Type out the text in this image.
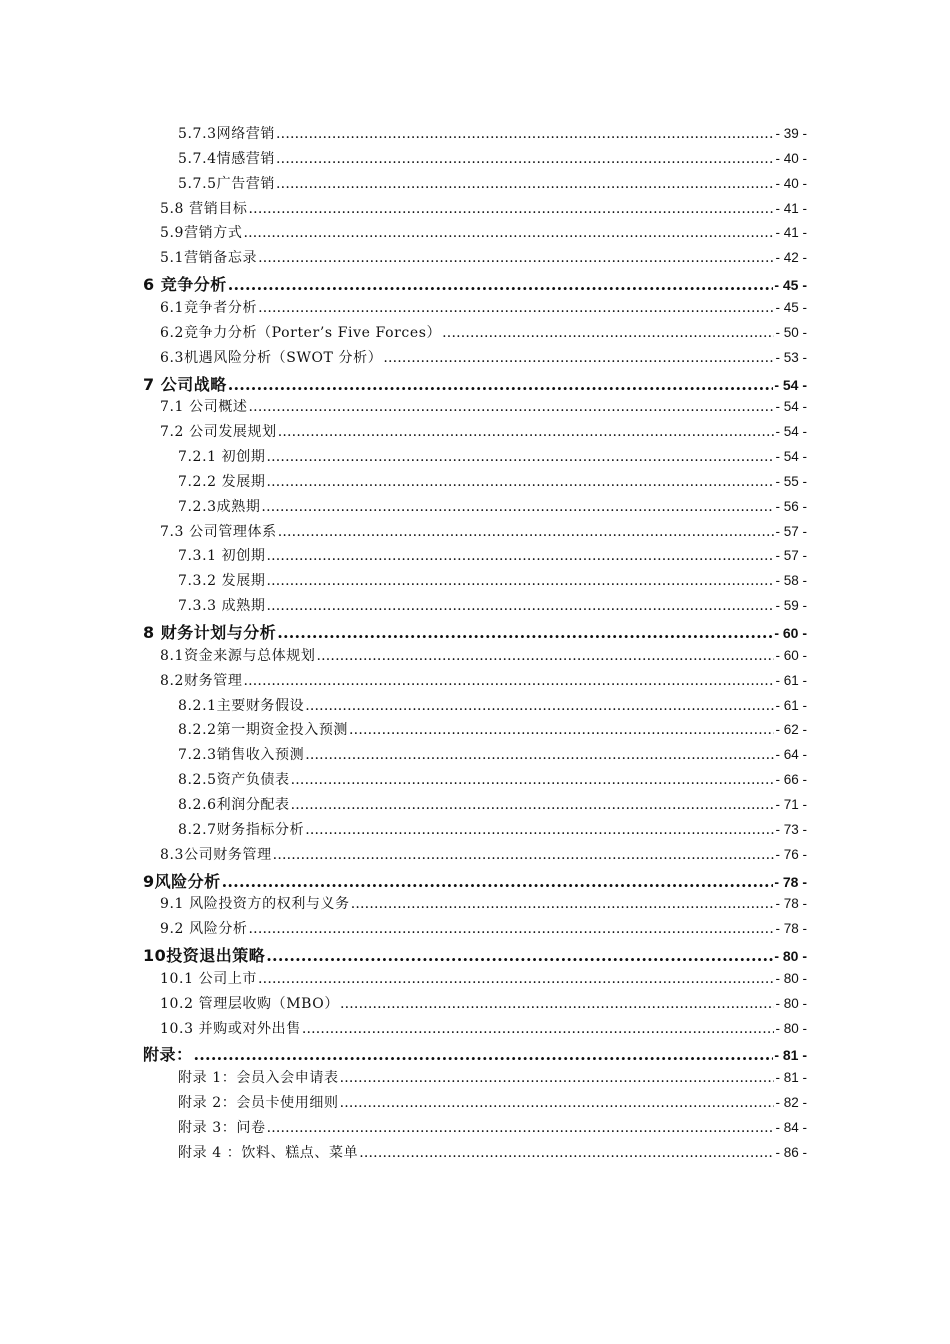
5.7.3网络营销 .....	- 39 -
5.7.4情感营销 .....	- 40 -
5.7.5广告营销 .....	- 40 -
5.8 营销目标 .....	- 41 -
5.9营销方式 .....	- 41 -
5.1营销备忘录 .....	- 42 -
6 竞争分析 .....	- 45 -
6.1竞争者分析 .....	- 45 -
6.2竞争力分析（Porter’s Five Forces） .....	- 50 -
6.3机遇风险分析（SWOT 分析） .....	- 53 -
7 公司战略 .....	- 54 -
7.1 公司概述 .....	- 54 -
7.2 公司发展规划 .....	- 54 -
7.2.1 初创期 .....	- 54 -
7.2.2 发展期 .....	- 55 -
7.2.3成熟期 .....	- 56 -
7.3 公司管理体系 .....	- 57 -
7.3.1 初创期 .....	- 57 -
7.3.2 发展期 .....	- 58 -
7.3.3 成熟期 .....	- 59 -
8 财务计划与分析 .....	- 60 -
8.1资金来源与总体规划 .....	- 60 -
8.2财务管理 .....	- 61 -
8.2.1主要财务假设 .....	- 61 -
8.2.2第一期资金投入预测 .....	- 62 -
7.2.3销售收入预测 .....	- 64 -
8.2.5资产负债表 .....	- 66 -
8.2.6利润分配表 .....	- 71 -
8.2.7财务指标分析 .....	- 73 -
8.3公司财务管理 .....	- 76 -
9风险分析 .....	- 78 -
9.1 风险投资方的权利与义务 .....	- 78 -
9.2 风险分析 .....	- 78 -
10投资退出策略 .....	- 80 -
10.1 公司上市 .....	- 80 -
10.2 管理层收购（MBO） .....	- 80 -
10.3 并购或对外出售 .....	- 80 -
附录： .....	- 81 -
附录 1：会员入会申请表 .....	- 81 -
附录 2：会员卡使用细则 .....	- 82 -
附录 3：问卷 .....	- 84 -
附录 4 ：饮料、糕点、菜单 .....	- 86 -
